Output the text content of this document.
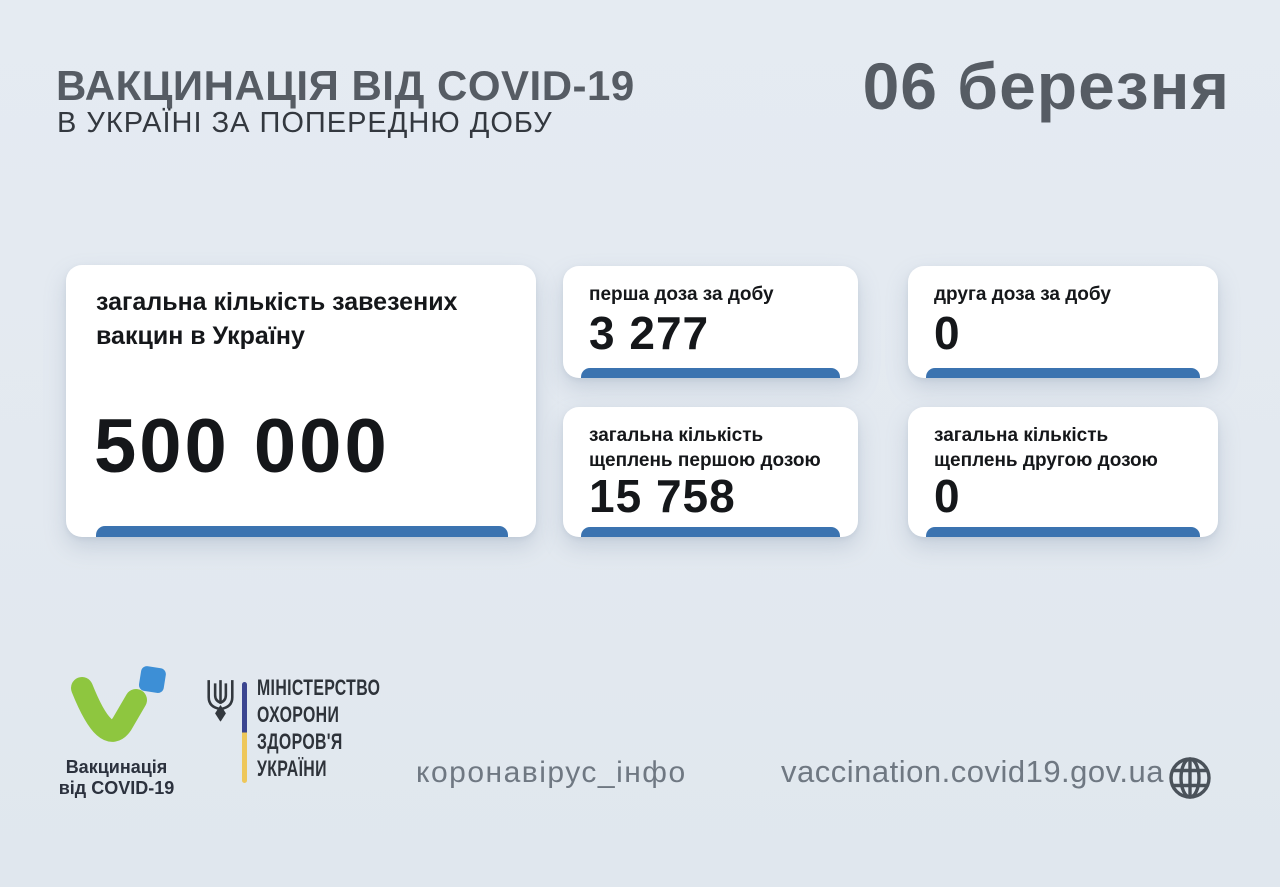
ВАКЦИНАЦІЯ ВІД COVID-19
В УКРАЇНІ ЗА ПОПЕРЕДНЮ ДОБУ	06 березня
загальна кількість завезених вакцин в Україну
500 000
перша доза за добу
3 277
друга доза за добу
0
загальна кількість щеплень першою дозою
15 758
загальна кількість щеплень другою дозою
0
Вакцинація
від COVID-19
МІНІСТЕРСТВО
ОХОРОНИ
ЗДОРОВ'Я
УКРАЇНИ	коронавірус_інфо	vaccination.covid19.gov.ua
